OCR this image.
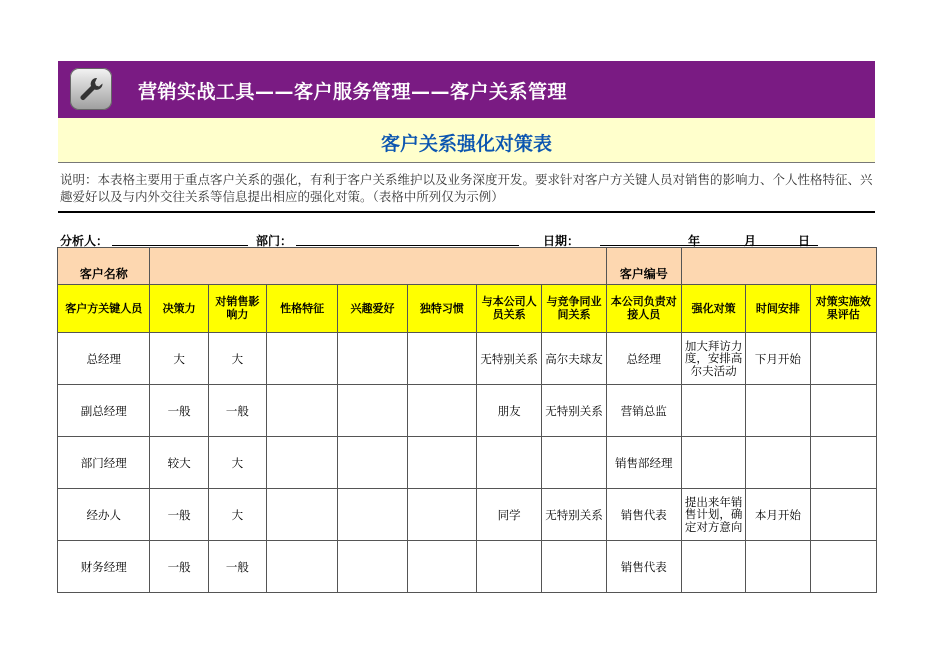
营销实战工具——客户服务管理——客户关系管理
客户关系强化对策表
说明：本表格主要用于重点客户关系的强化，有利于客户关系维护以及业务深度开发。要求针对客户方关键人员对销售的影响力、个人性格特征、兴趣爱好以及与内外交往关系等信息提出相应的强化对策。（表格中所列仅为示例）
分析人：	部门：	日期：	年	月	日
客户名称								客户编号			
客户方关键人员	决策力	对销售影响力	性格特征	兴趣爱好	独特习惯	与本公司人员关系	与竞争同业间关系	本公司负责对接人员	强化对策	时间安排	对策实施效果评估
总经理	大	大				无特别关系	高尔夫球友	总经理	加大拜访力度，安排高尔夫活动	下月开始	
副总经理	一般	一般				朋友	无特别关系	营销总监			
部门经理	较大	大						销售部经理			
经办人	一般	大				同学	无特别关系	销售代表	提出来年销售计划，确定对方意向	本月开始	
财务经理	一般	一般						销售代表			
